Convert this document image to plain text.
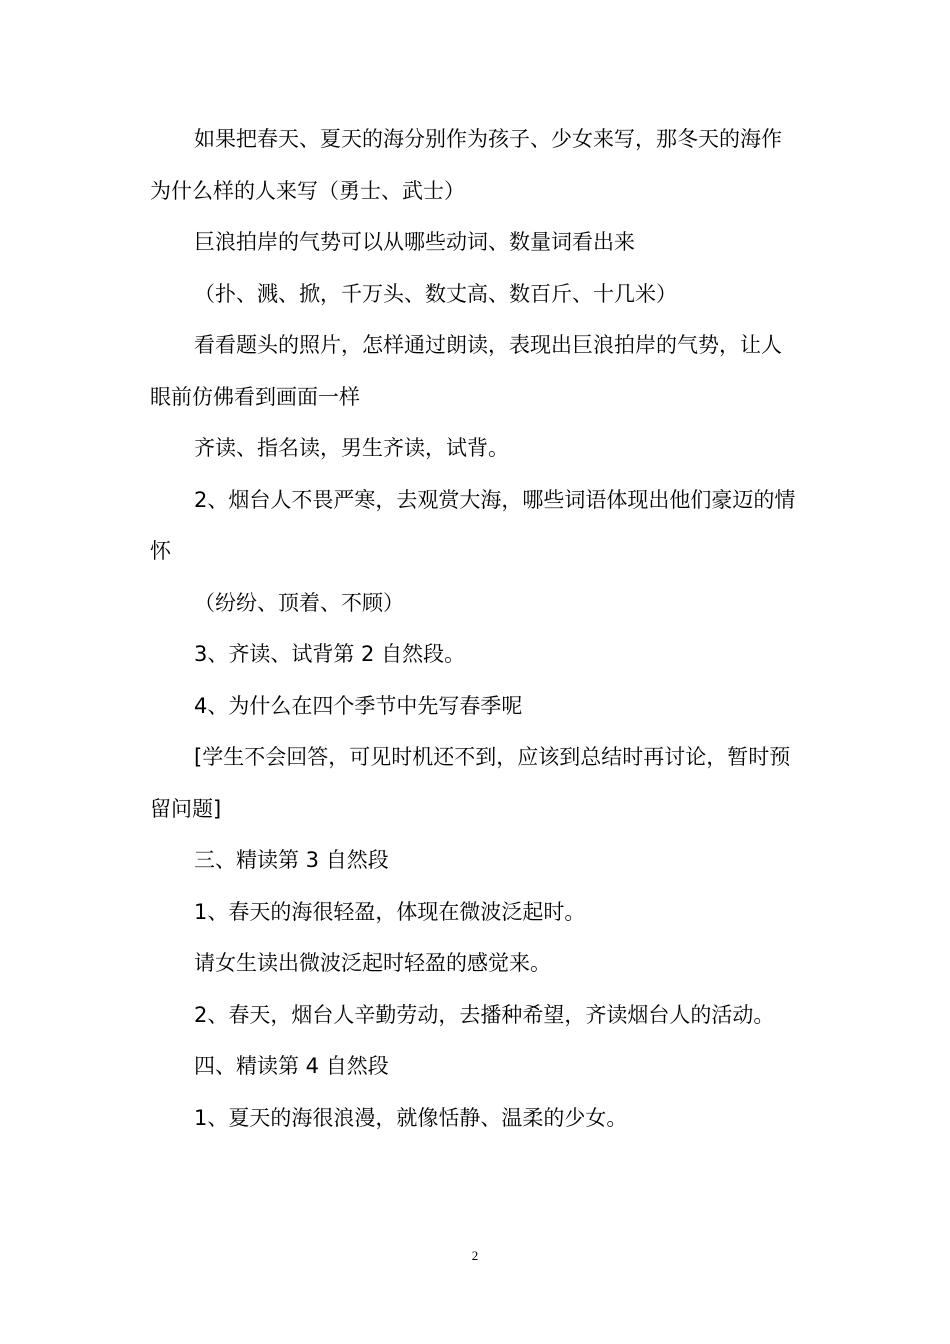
如果把春天、夏天的海分别作为孩子、少女来写，那冬天的海作为什么样的人来写（勇士、武士）

巨浪拍岸的气势可以从哪些动词、数量词看出来

（扑、溅、掀，千万头、数丈高、数百斤、十几米）

看看题头的照片，怎样通过朗读，表现出巨浪拍岸的气势，让人眼前仿佛看到画面一样

齐读、指名读，男生齐读，试背。

2、烟台人不畏严寒，去观赏大海，哪些词语体现出他们豪迈的情怀

（纷纷、顶着、不顾）

3、齐读、试背第 2 自然段。

4、为什么在四个季节中先写春季呢

[学生不会回答，可见时机还不到，应该到总结时再讨论，暂时预留问题]

三、精读第 3 自然段

1、春天的海很轻盈，体现在微波泛起时。

请女生读出微波泛起时轻盈的感觉来。

2、春天，烟台人辛勤劳动，去播种希望，齐读烟台人的活动。

四、精读第 4 自然段

1、夏天的海很浪漫，就像恬静、温柔的少女。

2
